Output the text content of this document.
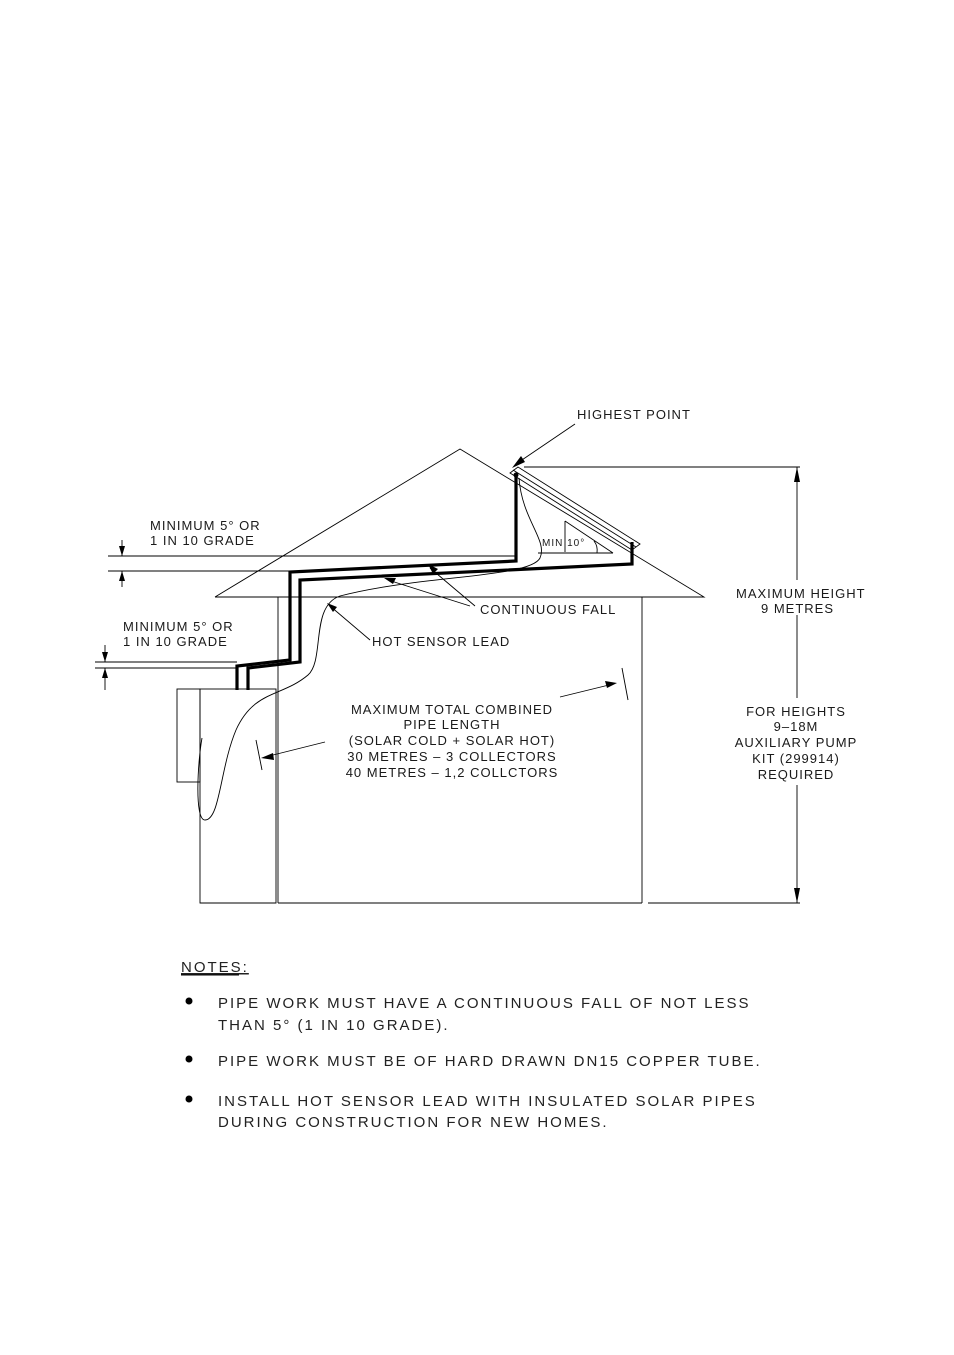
HIGHEST POINT
MINIMUM 5° OR
1 IN 10 GRADE	MIN 10°
CONTINUOUS FALL
MAXIMUM HEIGHT
9 METRES
MINIMUM 5° OR
1 IN 10 GRADE	HOT SENSOR LEAD
MAXIMUM TOTAL COMBINED
PIPE LENGTH
(SOLAR COLD + SOLAR HOT)
30 METRES – 3 COLLECTORS
40 METRES – 1,2 COLLCTORS
FOR HEIGHTS
9–18M
AUXILIARY PUMP
KIT (299914)
REQUIRED
NOTES:
PIPE WORK MUST HAVE A CONTINUOUS FALL OF NOT LESS
THAN 5° (1 IN 10 GRADE).
PIPE WORK MUST BE OF HARD DRAWN DN15 COPPER TUBE.
INSTALL HOT SENSOR LEAD WITH INSULATED SOLAR PIPES
DURING CONSTRUCTION FOR NEW HOMES.
